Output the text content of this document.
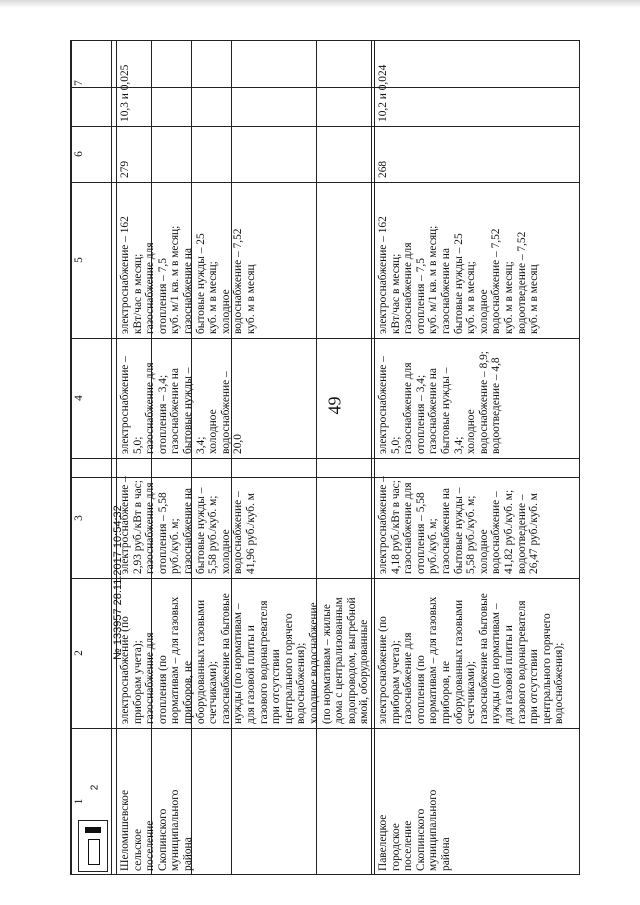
49
1
2
3
4
5
6
7
Шеломишевское
сельское
поселение
Скопинского
муниципального
района
электроснабжение (по
приборам учета);
газоснабжение для
отопления (по
нормативам – для газовых
приборов, не
оборудованных газовыми
счетчиками);
газоснабжение на бытовые
нужды (по нормативам –
для газовой плиты и
газового водонагревателя
при отсутствии
центрального горячего
водоснабжения);
холодное водоснабжение
(по нормативам – жилые
дома с централизованным
водопроводом, выгребной
ямой, оборудованные

электроснабжение –
2,93 руб./кВт в час;
газоснабжение для
отопления – 5,58
руб./куб. м;
газоснабжение на
бытовые нужды –
5,58 руб./куб. м;
холодное
водоснабжение –
41,96 руб./куб. м
электроснабжение –
5,0;
газоснабжение для
отопления – 3,4;
газоснабжение на
бытовые нужды –
3,4;
холодное
водоснабжение –
20,0
электроснабжение – 162
кВт/час в месяц;
газоснабжение для
отопления – 7,5
куб. м/1 кв. м в месяц;
газоснабжение на
бытовые нужды – 25
куб. м в месяц;
холодное
водоснабжение – 7,52
куб. м в месяц
279
10,3 и 0,025
Павелецкое
городское
поселение
Скопинского
муниципального
района
электроснабжение (по
приборам учета);
газоснабжение для
отопления (по
нормативам – для газовых
приборов, не
оборудованных газовыми
счетчиками);
газоснабжение на бытовые
нужды (по нормативам –
для газовой плиты и
газового водонагревателя
при отсутствии
центрального горячего
водоснабжения);
электроснабжение –
4,18 руб./кВт в час;
газоснабжение для
отопления – 5,58
руб./куб. м;
газоснабжение на
бытовые нужды –
5,58 руб./куб. м;
холодное
водоснабжение –
41,82 руб./куб. м;
водоотведение –
26,47 руб./куб. м
электроснабжение –
5,0;
газоснабжение для
отопления – 3,4;
газоснабжение на
бытовые нужды –
3,4;
холодное
водоснабжение – 8,9;
водоотведение – 4,8
электроснабжение – 162
кВт/час в месяц;
газоснабжение для
отопления – 7,5
куб. м/1 кв. м в месяц;
газоснабжение на
бытовые нужды – 25
куб. м в месяц;
холодное
водоснабжение – 7,52
куб. м в месяц;
водоотведение – 7,52
куб. м в месяц
268
10,2 и 0,024
2
№ 133957 28.11.2017 10:54:32
